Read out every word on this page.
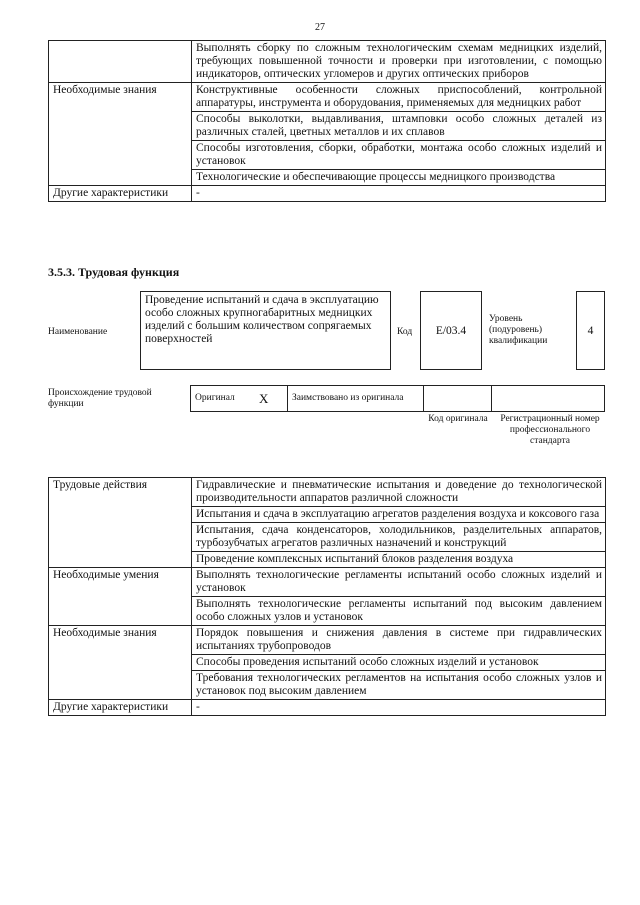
27
	Выполнять сборку по сложным технологическим схемам медницких изделий, требующих повышенной точности и проверки при изготовлении, с помощью индикаторов, оптических угломеров и других оптических приборов
Необходимые знания	Конструктивные особенности сложных приспособлений, контрольной аппаратуры, инструмента и оборудования, применяемых для медницких работ
	Способы выколотки, выдавливания, штамповки особо сложных деталей из различных сталей, цветных металлов и их сплавов
	Способы изготовления, сборки, обработки, монтажа особо сложных изделий и установок
	Технологические и обеспечивающие процессы медницкого производства
Другие характеристики	-
3.5.3. Трудовая функция
Наименование
Проведение испытаний и сдача в эксплуатацию особо сложных крупногабаритных медницких изделий с большим количеством сопрягаемых поверхностей
Код	E/03.4
Уровень (подуровень) квалификации
4
Происхождение трудовой функции
Оригинал	X	Заимствовано из оригинала		
Код оригинала	Регистрационный номер профессионального стандарта
Трудовые действия	Гидравлические и пневматические испытания и доведение до технологической производительности аппаратов различной сложности
	Испытания и сдача в эксплуатацию агрегатов разделения воздуха и коксового газа
	Испытания, сдача конденсаторов, холодильников, разделительных аппаратов, турбозубчатых агрегатов различных назначений и конструкций
	Проведение комплексных испытаний блоков разделения воздуха
Необходимые умения	Выполнять технологические регламенты испытаний особо сложных изделий и установок
	Выполнять технологические регламенты испытаний под высоким давлением особо сложных узлов и установок
Необходимые знания	Порядок повышения и снижения давления в системе при гидравлических испытаниях трубопроводов
	Способы проведения испытаний особо сложных изделий и установок
	Требования технологических регламентов на испытания особо сложных узлов и установок под высоким давлением
Другие характеристики	-
